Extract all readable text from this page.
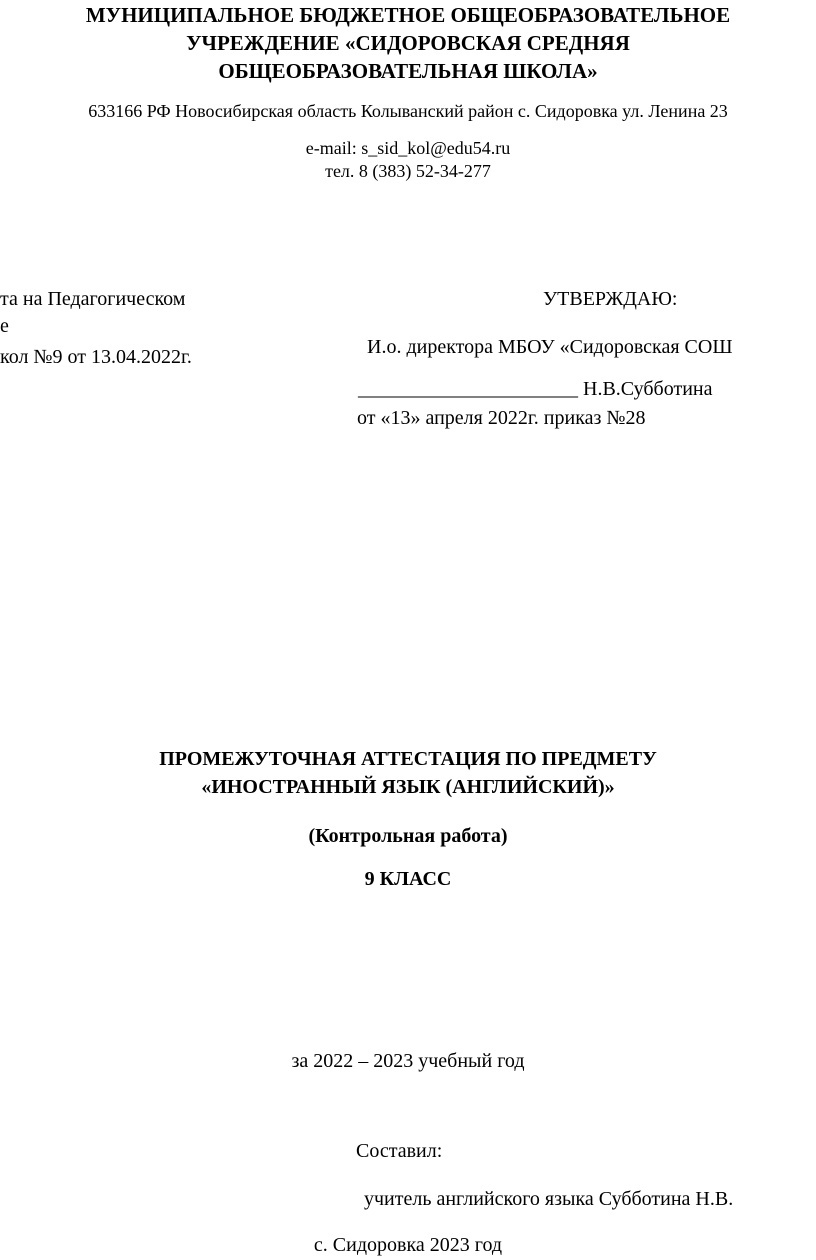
МУНИЦИПАЛЬНОЕ БЮДЖЕТНОЕ ОБЩЕОБРАЗОВАТЕЛЬНОЕ
УЧРЕЖДЕНИЕ «СИДОРОВСКАЯ СРЕДНЯЯ
ОБЩЕОБРАЗОВАТЕЛЬНАЯ ШКОЛА»
633166 РФ Новосибирская область Колыванский район с. Сидоровка ул. Ленина 23
e-mail: s_sid_kol@edu54.ru
тел. 8 (383) 52-34-277
та на Педагогическом
е
кол №9 от 13.04.2022г.
УТВЕРЖДАЮ:
И.о. директора МБОУ «Сидоровская СОШ
______________________ Н.В.Субботина
от «13» апреля 2022г. приказ №28
ПРОМЕЖУТОЧНАЯ АТТЕСТАЦИЯ ПО ПРЕДМЕТУ
«ИНОСТРАННЫЙ ЯЗЫК (АНГЛИЙСКИЙ)»
(Контрольная работа)
9 КЛАСС
за 2022 – 2023 учебный год
Составил:
учитель английского языка Субботина Н.В.
с. Сидоровка 2023 год
